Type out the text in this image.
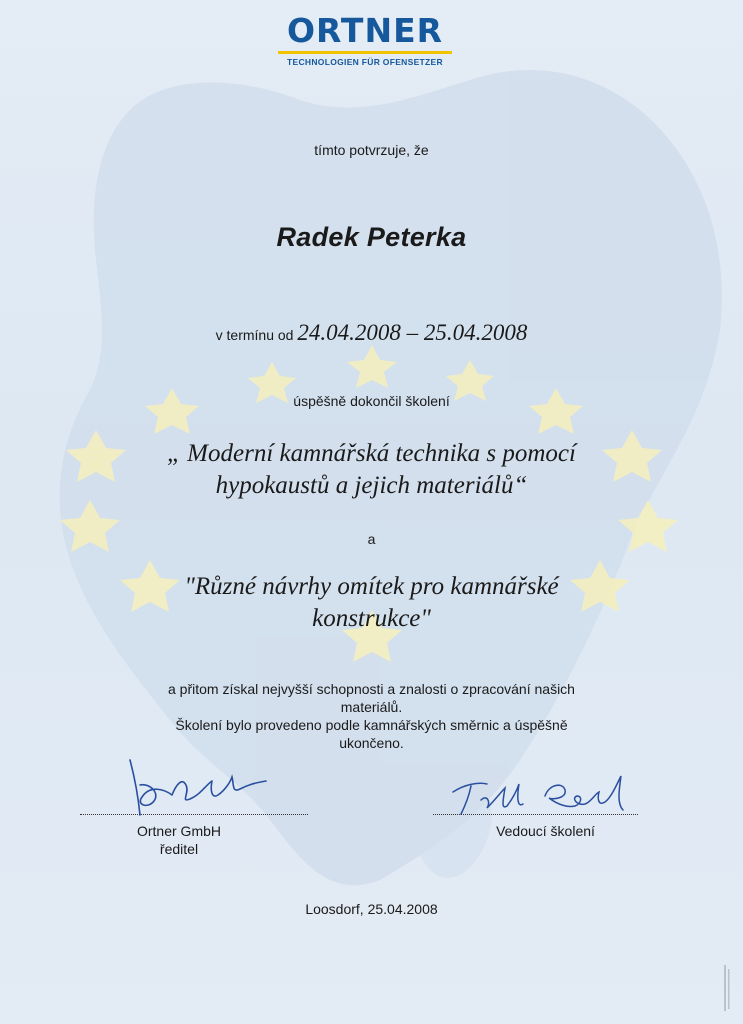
ORTNER
TECHNOLOGIEN FÜR OFENSETZER
tímto potvrzuje, že
Radek Peterka
v termínu od 24.04.2008 – 25.04.2008
úspěšně dokončil školení
„ Moderní kamnářská technika s pomocí
hypokaustů a jejich materiálů“
a
"Různé návrhy omítek pro kamnářské
konstrukce"
a přitom získal nejvyšší schopnosti a znalosti o zpracování našich
materiálů.
Školení bylo provedeno podle kamnářských směrnic a úspěšně
ukončeno.
Ortner GmbH
ředitel
Vedoucí školení
Loosdorf, 25.04.2008
